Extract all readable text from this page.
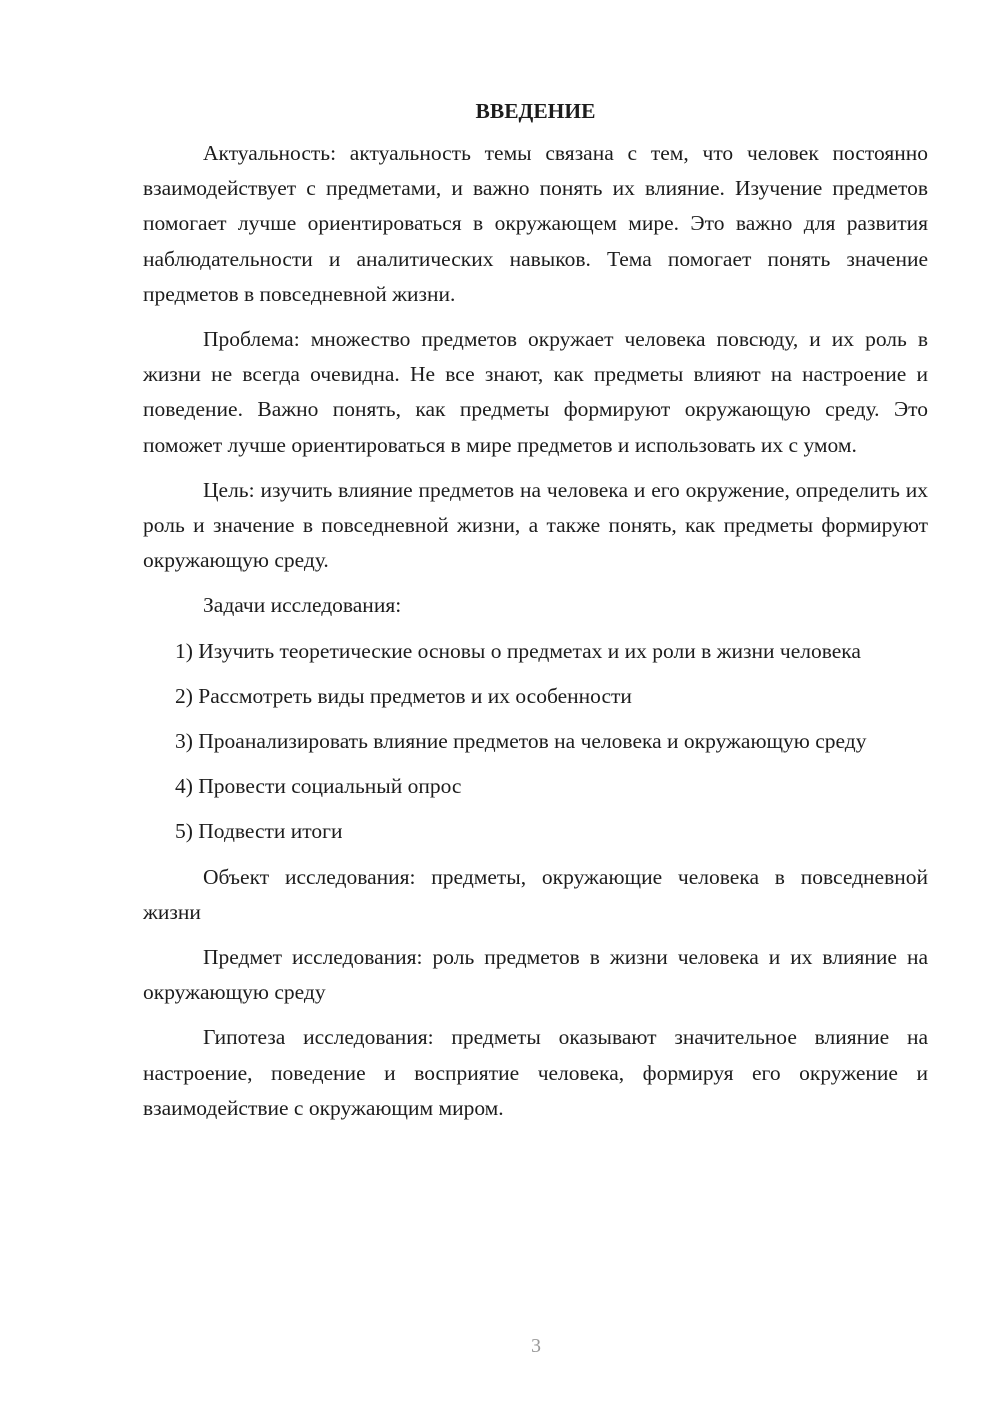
ВВЕДЕНИЕ

Актуальность: актуальность темы связана с тем, что человек постоянно взаимодействует с предметами, и важно понять их влияние. Изучение предметов помогает лучше ориентироваться в окружающем мире. Это важно для развития наблюдательности и аналитических навыков. Тема помогает понять значение предметов в повседневной жизни.

Проблема: множество предметов окружает человека повсюду, и их роль в жизни не всегда очевидна. Не все знают, как предметы влияют на настроение и поведение. Важно понять, как предметы формируют окружающую среду. Это поможет лучше ориентироваться в мире предметов и использовать их с умом.

Цель: изучить влияние предметов на человека и его окружение, определить их роль и значение в повседневной жизни, а также понять, как предметы формируют окружающую среду.

Задачи исследования:

1) Изучить теоретические основы о предметах и их роли в жизни человека

2) Рассмотреть виды предметов и их особенности

3) Проанализировать влияние предметов на человека и окружающую среду

4) Провести социальный опрос

5) Подвести итоги

Объект исследования: предметы, окружающие человека в повседневной жизни

Предмет исследования: роль предметов в жизни человека и их влияние на окружающую среду

Гипотеза исследования: предметы оказывают значительное влияние на настроение, поведение и восприятие человека, формируя его окружение и взаимодействие с окружающим миром.

3
